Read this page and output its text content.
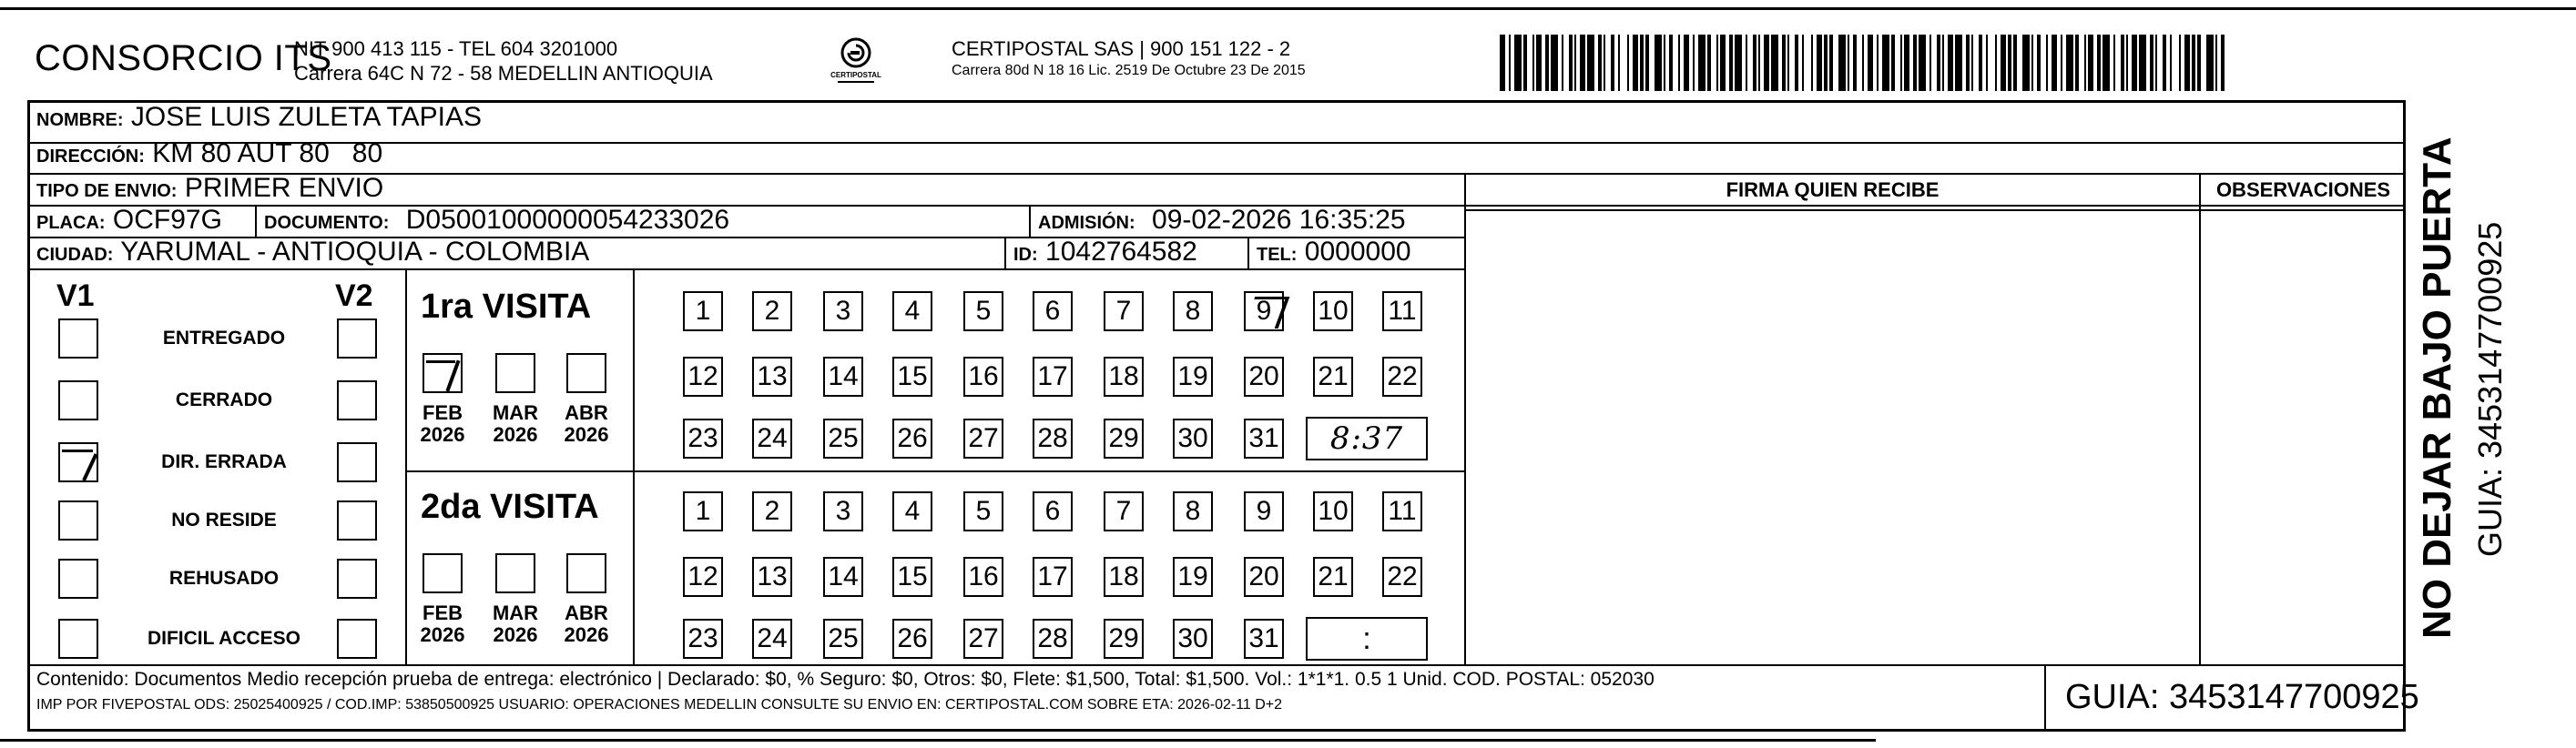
CONSORCIO ITS
NIT 900 413 115 - TEL 604 3201000
Carrera 64C N 72 - 58 MEDELLIN ANTIOQUIA	CERTIPOSTAL
CERTIPOSTAL SAS | 900 151 122 - 2
Carrera 80d N 18 16 Lic. 2519 De Octubre 23 De 2015
NOMBRE: JOSE LUIS ZULETA TAPIAS
DIRECCIÓN: KM 80 AUT 80   80
TIPO DE ENVIO: PRIMER ENVIO
PLACA: OCF97G DOCUMENTO: D05001000000054233026	ADMISIÓN: 09-02-2026 16:35:25
CIUDAD: YARUMAL - ANTIOQUIA - COLOMBIA	ID: 1042764582	TEL: 0000000
FIRMA QUIEN RECIBE	OBSERVACIONES
V1	V2
ENTREGADO
CERRADO
DIR. ERRADA
NO RESIDE
REHUSADO
DIFICIL ACCESO
1ra VISITA
FEB
2026
MAR
2026
ABR
2026
1	2	3	4	5	6	7	8	9	10 11
12 13 14 15 16 17 18 19 20 21 22
23 24 25 26 27 28 29 30 31	8:37
2da VISITA
FEB
2026
MAR
2026
ABR
2026
1	2	3	4	5	6	7	8	9	10 11
12 13 14 15 16 17 18 19 20 21 22
23 24 25 26 27 28 29 30 31	:
Contenido: Documentos Medio recepción prueba de entrega: electrónico | Declarado: $0, % Seguro: $0, Otros: $0, Flete: $1,500, Total: $1,500. Vol.: 1*1*1. 0.5 1 Unid. COD. POSTAL: 052030
IMP POR FIVEPOSTAL ODS: 25025400925 / COD.IMP: 53850500925 USUARIO: OPERACIONES MEDELLIN CONSULTE SU ENVIO EN: CERTIPOSTAL.COM SOBRE ETA: 2026-02-11 D+2	GUIA: 3453147700925
NO DEJAR BAJO PUERTA GUIA: 3453147700925
